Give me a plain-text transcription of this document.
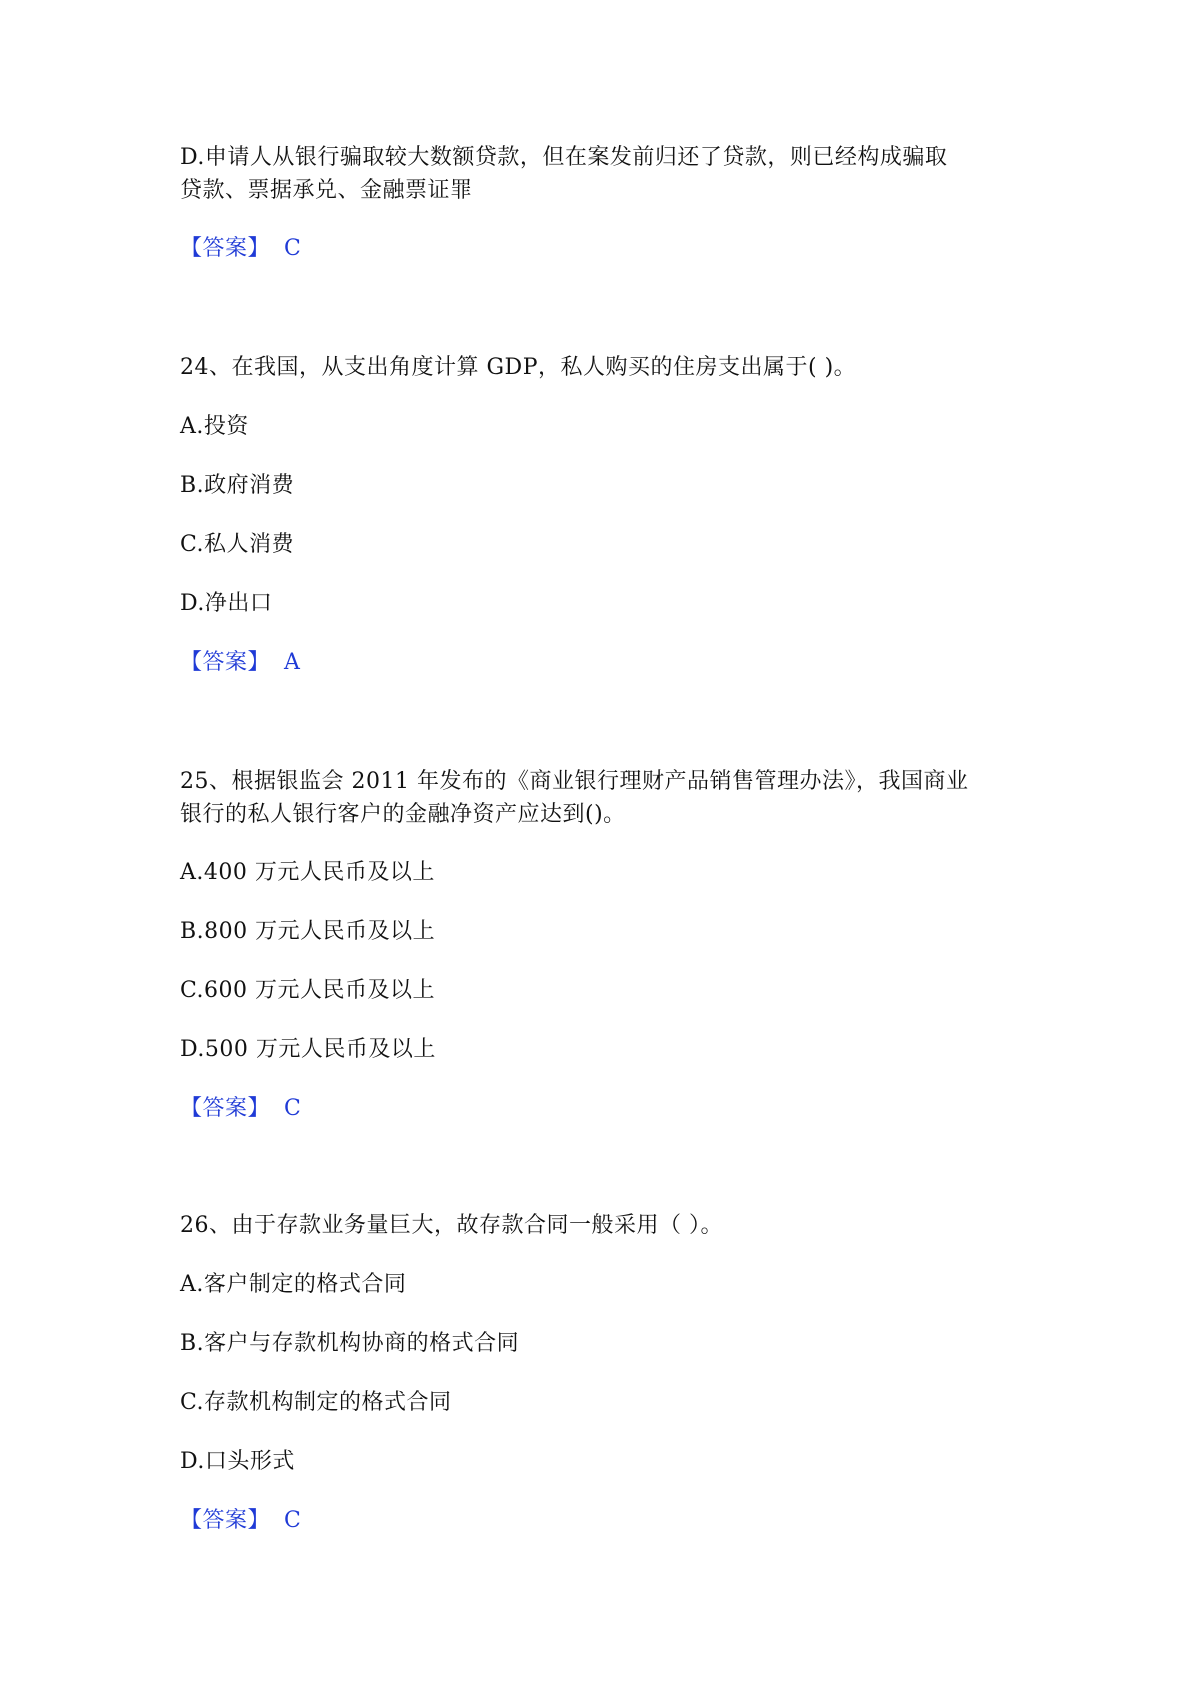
D.申请人从银行骗取较大数额贷款，但在案发前归还了贷款，则已经构成骗取
贷款、票据承兑、金融票证罪
【答案】 C
24、在我国，从支出角度计算 GDP，私人购买的住房支出属于( )。
A.投资
B.政府消费
C.私人消费
D.净出口
【答案】 A
25、根据银监会 2011 年发布的《商业银行理财产品销售管理办法》，我国商业
银行的私人银行客户的金融净资产应达到()。
A.400 万元人民币及以上
B.800 万元人民币及以上
C.600 万元人民币及以上
D.500 万元人民币及以上
【答案】 C
26、由于存款业务量巨大，故存款合同一般采用（ ）。
A.客户制定的格式合同
B.客户与存款机构协商的格式合同
C.存款机构制定的格式合同
D.口头形式
【答案】 C
